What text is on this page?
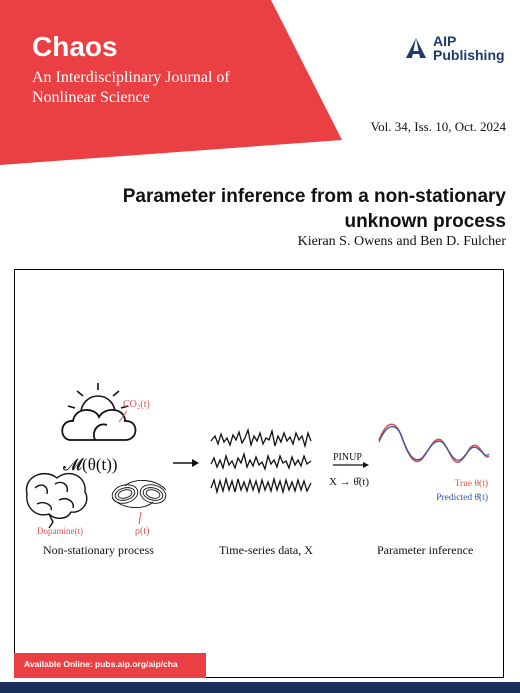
Chaos
An Interdisciplinary Journal of Nonlinear Science
AIP
Publishing
Vol. 34, Iss. 10, Oct. 2024
Parameter inference from a non-stationary unknown process
Kieran S. Owens and Ben D. Fulcher
CO₂(t)
𝓜(θ(t))
Dopamine(t)	ρ(t)
Non-stationary process	Time-series data, X
PINUP
X → θ̂(t)	True θ(t)
Predicted θ̂(t)
Parameter inference
Available Online: pubs.aip.org/aip/cha
